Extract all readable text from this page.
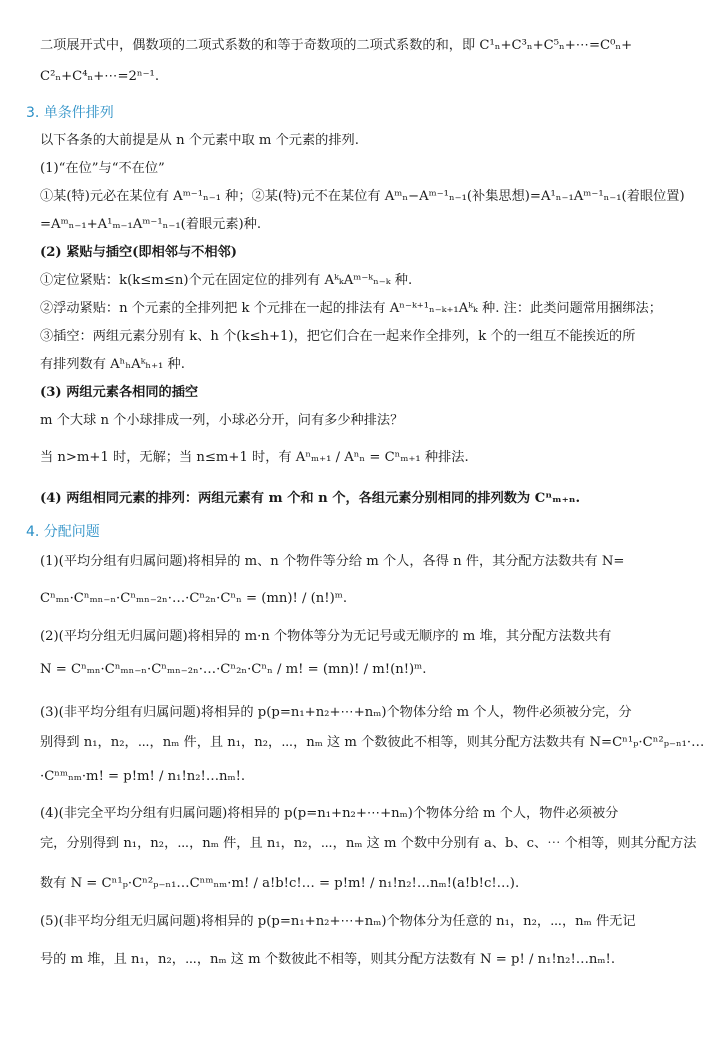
二项展开式中，偶数项的二项式系数的和等于奇数项的二项式系数的和，即 C¹ₙ+C³ₙ+C⁵ₙ+⋯=C⁰ₙ+
C²ₙ+C⁴ₙ+⋯=2ⁿ⁻¹.
3. 单条件排列
以下各条的大前提是从 n 个元素中取 m 个元素的排列.
(1)“在位”与“不在位”
①某(特)元必在某位有 Aᵐ⁻¹ₙ₋₁ 种；②某(特)元不在某位有 Aᵐₙ−Aᵐ⁻¹ₙ₋₁(补集思想)=A¹ₙ₋₁Aᵐ⁻¹ₙ₋₁(着眼位置)
=Aᵐₙ₋₁+A¹ₘ₋₁Aᵐ⁻¹ₙ₋₁(着眼元素)种.
(2) 紧贴与插空(即相邻与不相邻)
①定位紧贴：k(k≤m≤n)个元在固定位的排列有 AᵏₖAᵐ⁻ᵏₙ₋ₖ 种.
②浮动紧贴：n 个元素的全排列把 k 个元排在一起的排法有 Aⁿ⁻ᵏ⁺¹ₙ₋ₖ₊₁Aᵏₖ 种. 注：此类问题常用捆绑法；
③插空：两组元素分别有 k、h 个(k≤h+1)，把它们合在一起来作全排列，k 个的一组互不能挨近的所
有排列数有 AʰₕAᵏₕ₊₁ 种.
(3) 两组元素各相同的插空
m 个大球 n 个小球排成一列，小球必分开，问有多少种排法？
当 n>m+1 时，无解；当 n≤m+1 时，有 Aⁿₘ₊₁ / Aⁿₙ = Cⁿₘ₊₁ 种排法.
(4) 两组相同元素的排列：两组元素有 m 个和 n 个，各组元素分别相同的排列数为 Cⁿₘ₊ₙ.
4. 分配问题
(1)(平均分组有归属问题)将相异的 m、n 个物件等分给 m 个人，各得 n 件，其分配方法数共有 N=
Cⁿₘₙ·Cⁿₘₙ₋ₙ·Cⁿₘₙ₋₂ₙ·…·Cⁿ₂ₙ·Cⁿₙ = (mn)! / (n!)ᵐ.
(2)(平均分组无归属问题)将相异的 m·n 个物体等分为无记号或无顺序的 m 堆，其分配方法数共有
N = Cⁿₘₙ·Cⁿₘₙ₋ₙ·Cⁿₘₙ₋₂ₙ·…·Cⁿ₂ₙ·Cⁿₙ / m! = (mn)! / m!(n!)ᵐ.
(3)(非平均分组有归属问题)将相异的 p(p=n₁+n₂+⋯+nₘ)个物体分给 m 个人，物件必须被分完，分
别得到 n₁，n₂，⋯，nₘ 件，且 n₁，n₂，⋯，nₘ 这 m 个数彼此不相等，则其分配方法数共有 N=Cⁿ¹ₚ·Cⁿ²ₚ₋ₙ₁·…
·Cⁿᵐₙₘ·m! = p!m! / n₁!n₂!…nₘ!.
(4)(非完全平均分组有归属问题)将相异的 p(p=n₁+n₂+⋯+nₘ)个物体分给 m 个人，物件必须被分
完，分别得到 n₁，n₂，⋯，nₘ 件，且 n₁，n₂，⋯，nₘ 这 m 个数中分别有 a、b、c、⋯ 个相等，则其分配方法
数有 N = Cⁿ¹ₚ·Cⁿ²ₚ₋ₙ₁…Cⁿᵐₙₘ·m! / a!b!c!… = p!m! / n₁!n₂!…nₘ!(a!b!c!…).
(5)(非平均分组无归属问题)将相异的 p(p=n₁+n₂+⋯+nₘ)个物体分为任意的 n₁，n₂，⋯，nₘ 件无记
号的 m 堆，且 n₁，n₂，⋯，nₘ 这 m 个数彼此不相等，则其分配方法数有 N = p! / n₁!n₂!…nₘ!.
